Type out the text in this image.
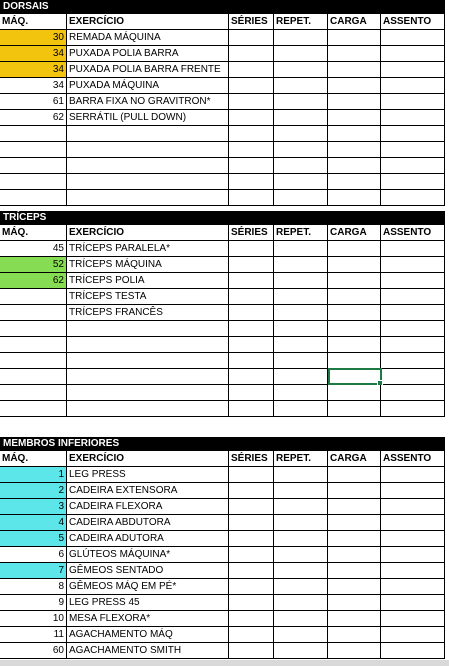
DORSAIS
MÁQ.	EXERCÍCIO	SÉRIES REPET.	CARGA	ASSENTO
30 REMADA MÁQUINA
34 PUXADA POLIA BARRA
34 PUXADA POLIA BARRA FRENTE
34 PUXADA MÁQUINA
61 BARRA FIXA NO GRAVITRON*
62 SERRÁTIL (PULL DOWN)
TRÍCEPS
MÁQ.	EXERCÍCIO	SÉRIES REPET.	CARGA	ASSENTO
45 TRÍCEPS PARALELA*
52 TRÍCEPS MÁQUINA
62 TRÍCEPS POLIA
TRÍCEPS TESTA
TRÍCEPS FRANCÊS
MEMBROS INFERIORES
MÁQ.	EXERCÍCIO	SÉRIES REPET.	CARGA	ASSENTO
1 LEG PRESS
2 CADEIRA EXTENSORA
3 CADEIRA FLEXORA
4 CADEIRA ABDUTORA
5 CADEIRA ADUTORA
6 GLÚTEOS MÁQUINA*
7 GÊMEOS SENTADO
8 GÊMEOS MÁQ EM PÉ*
9 LEG PRESS 45
10 MESA FLEXORA*
11 AGACHAMENTO MÁQ
60 AGACHAMENTO SMITH
